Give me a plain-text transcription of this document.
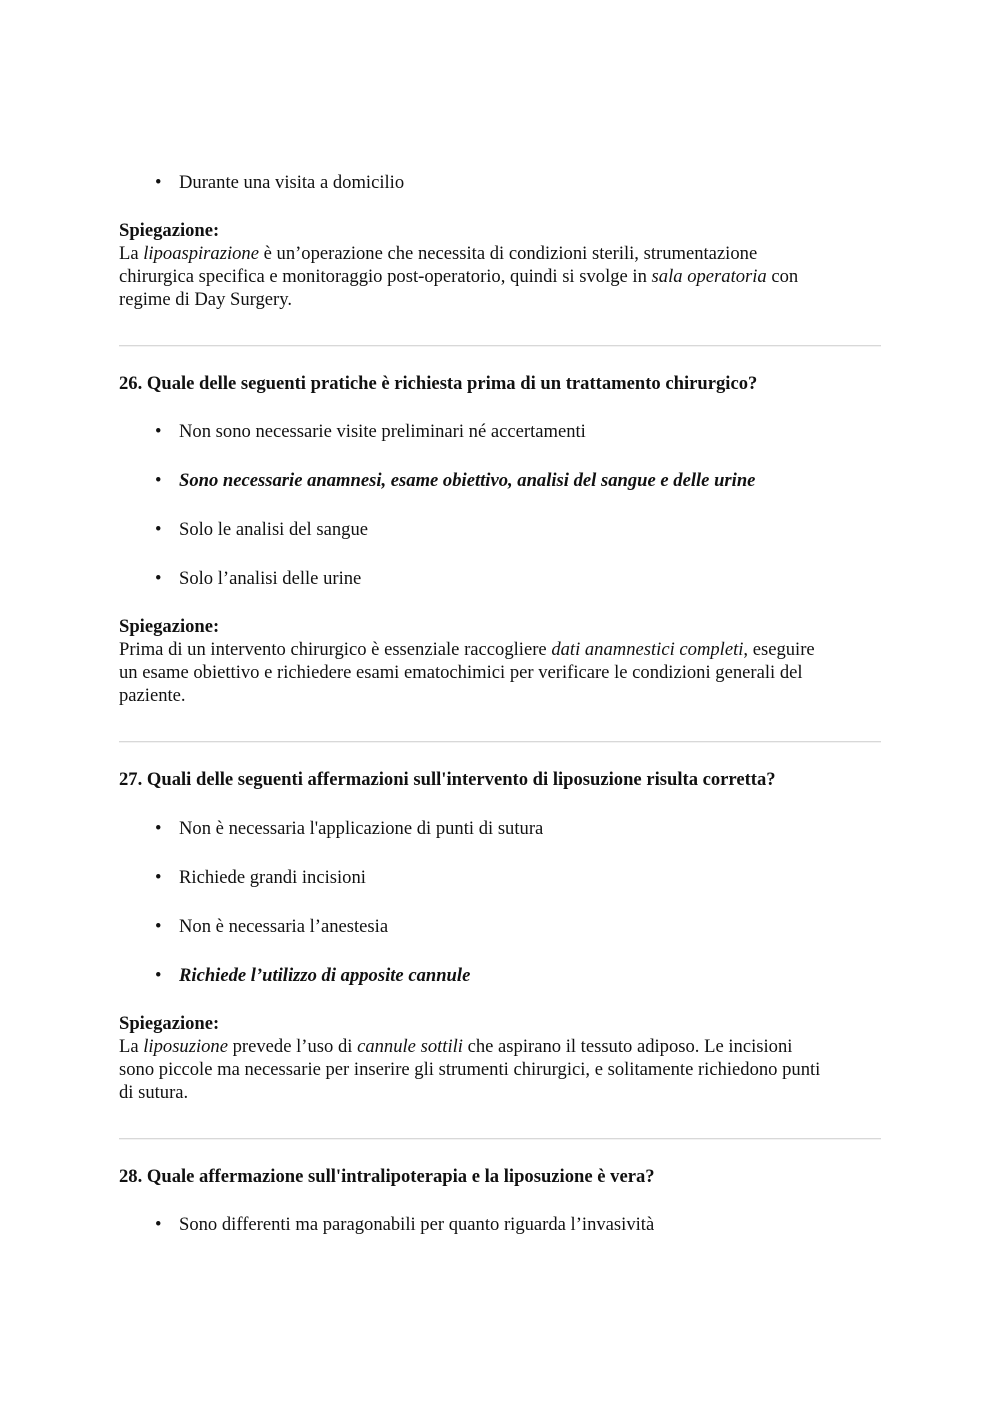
• Durante una visita a domicilio
Spiegazione:
La lipoaspirazione è un’operazione che necessita di condizioni sterili, strumentazione
chirurgica specifica e monitoraggio post-operatorio, quindi si svolge in sala operatoria con
regime di Day Surgery.
26. Quale delle seguenti pratiche è richiesta prima di un trattamento chirurgico?
• Non sono necessarie visite preliminari né accertamenti
• Sono necessarie anamnesi, esame obiettivo, analisi del sangue e delle urine
• Solo le analisi del sangue
• Solo l’analisi delle urine
Spiegazione:
Prima di un intervento chirurgico è essenziale raccogliere dati anamnestici completi, eseguire
un esame obiettivo e richiedere esami ematochimici per verificare le condizioni generali del
paziente.
27. Quali delle seguenti affermazioni sull'intervento di liposuzione risulta corretta?
• Non è necessaria l'applicazione di punti di sutura
• Richiede grandi incisioni
• Non è necessaria l’anestesia
• Richiede l’utilizzo di apposite cannule
Spiegazione:
La liposuzione prevede l’uso di cannule sottili che aspirano il tessuto adiposo. Le incisioni
sono piccole ma necessarie per inserire gli strumenti chirurgici, e solitamente richiedono punti
di sutura.
28. Quale affermazione sull'intralipoterapia e la liposuzione è vera?
• Sono differenti ma paragonabili per quanto riguarda l’invasività
